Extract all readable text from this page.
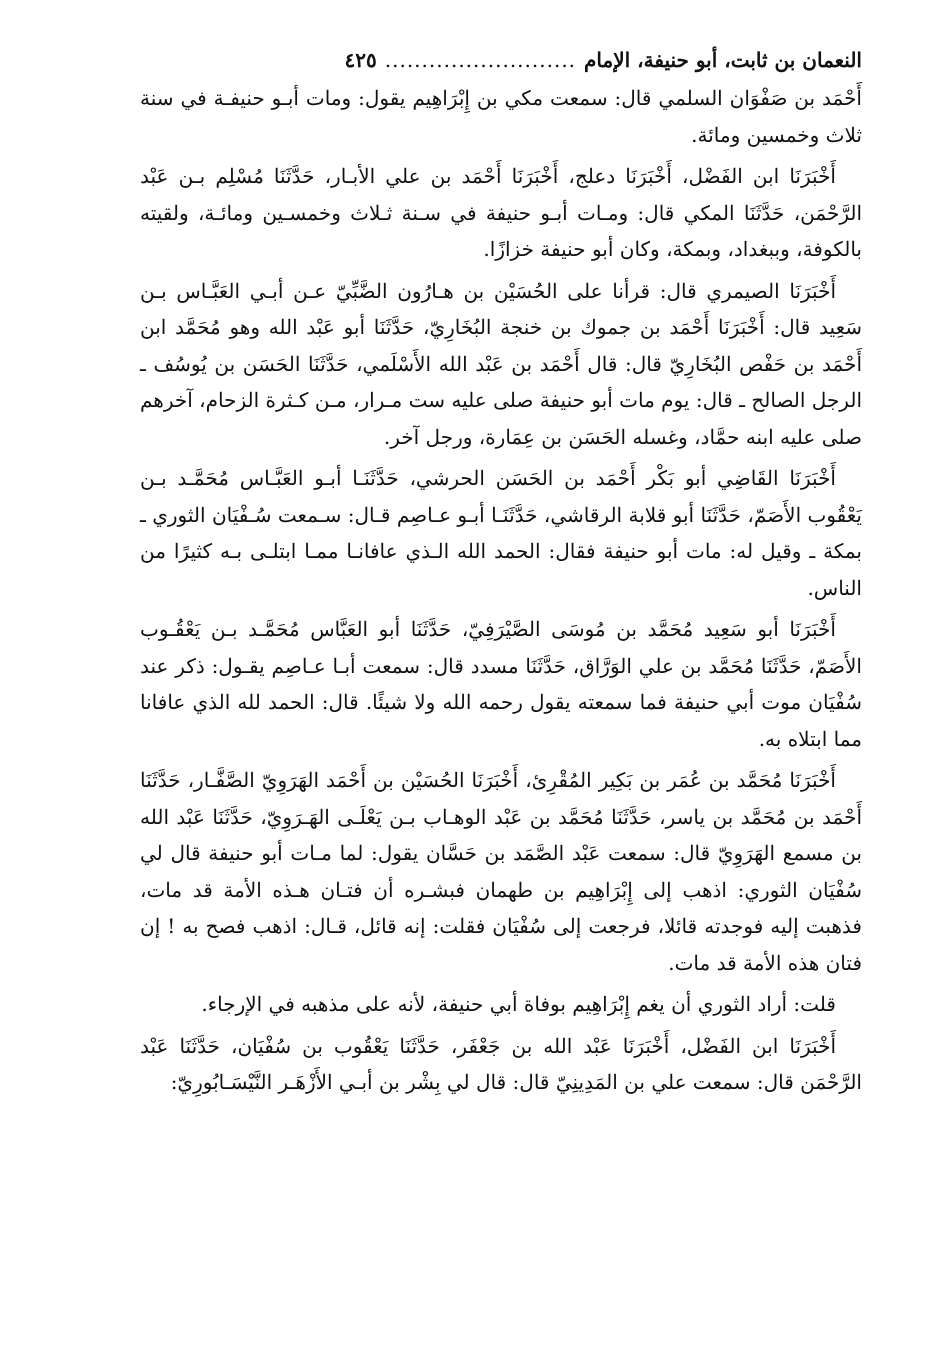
النعمان بن ثابت، أبو حنيفة، الإمام
..........................
٤٢٥

أَحْمَد بن صَفْوَان السلمي قال: سمعت مكي بن إِبْرَاهِيم يقول: ومات أبـو حنيفـة في سنة ثلاث وخمسين ومائة.

أَخْبَرَنَا ابن الفَضْل، أَخْبَرَنَا دعلج، أَخْبَرَنَا أَحْمَد بن علي الأبـار، حَدَّثَنَا مُسْلِم بـن عَبْد الرَّحْمَن، حَدَّثَنَا المكي قال: ومـات أبـو حنيفة في سـنة ثـلاث وخمسـين ومائـة، ولقيته بالكوفة، وببغداد، وبمكة، وكان أبو حنيفة خزازًا.

أَخْبَرَنَا الصيمري قال: قرأنا على الحُسَيْن بن هـارُون الضَّبِّيّ عـن أبـي العَبَّـاس بـن سَعِيد قال: أَخْبَرَنَا أَحْمَد بن جموك بن خنجة البُخَارِيّ، حَدَّثَنَا أبو عَبْد الله وهو مُحَمَّد ابن أَحْمَد بن حَفْص البُخَارِيّ قال: قال أَحْمَد بن عَبْد الله الأَسْلَمي، حَدَّثَنَا الحَسَن بن يُوسُف ـ الرجل الصالح ـ قال: يوم مات أبو حنيفة صلى عليه ست مـرار، مـن كـثرة الزحام، آخرهم صلى عليه ابنه حمَّاد، وغسله الحَسَن بن عِمَارة، ورجل آخر.

أَخْبَرَنَا القَاضِي أبو بَكْر أَحْمَد بن الحَسَن الحرشي، حَدَّثَنَـا أبـو العَبَّـاس مُحَمَّـد بـن يَعْقُوب الأَصَمّ، حَدَّثَنَا أبو قلابة الرقاشي، حَدَّثَنَـا أبـو عـاصِم قـال: سـمعت سُـفْيَان الثوري ـ بمكة ـ وقيل له: مات أبو حنيفة فقال: الحمد الله الـذي عافانـا ممـا ابتلـى بـه كثيرًا من الناس.

أَخْبَرَنَا أبو سَعِيد مُحَمَّد بن مُوسَى الصَّيْرَفِيّ، حَدَّثَنَا أبو العَبَّاس مُحَمَّـد بـن يَعْقُـوب الأَصَمّ، حَدَّثَنَا مُحَمَّد بن علي الوَرَّاق، حَدَّثَنَا مسدد قال: سمعت أبـا عـاصِم يقـول: ذكر عند سُفْيَان موت أبي حنيفة فما سمعته يقول رحمه الله ولا شيئًا. قال: الحمد لله الذي عافانا مما ابتلاه به.

أَخْبَرَنَا مُحَمَّد بن عُمَر بن بَكِير المُقْرِئ، أَخْبَرَنَا الحُسَيْن بن أَحْمَد الهَرَوِيّ الصَّفَّـار، حَدَّثَنَا أَحْمَد بن مُحَمَّد بن ياسر، حَدَّثَنَا مُحَمَّد بن عَبْد الوهـاب بـن يَعْلَـى الهَـرَوِيّ، حَدَّثَنَا عَبْد الله بن مسمع الهَرَوِيّ قال: سمعت عَبْد الصَّمَد بن حَسَّان يقول: لما مـات أبو حنيفة قال لي سُفْيَان الثوري: اذهب إلى إِبْرَاهِيم بن طهمان فبشـره أن فتـان هـذه الأمة قد مات، فذهبت إليه فوجدته قائلا، فرجعت إلى سُفْيَان فقلت: إنه قائل، قـال: اذهب فصح به ! إن فتان هذه الأمة قد مات.

قلت: أراد الثوري أن يغم إِبْرَاهِيم بوفاة أبي حنيفة، لأنه على مذهبه في الإرجاء.

أَخْبَرَنَا ابن الفَضْل، أَخْبَرَنَا عَبْد الله بن جَعْفَر، حَدَّثَنَا يَعْقُوب بن سُفْيَان، حَدَّثَنَا عَبْد الرَّحْمَن قال: سمعت علي بن المَدِينِيّ قال: قال لي بِشْر بن أبـي الأَزْهَـر النَّيْسَـابُورِيّ:
